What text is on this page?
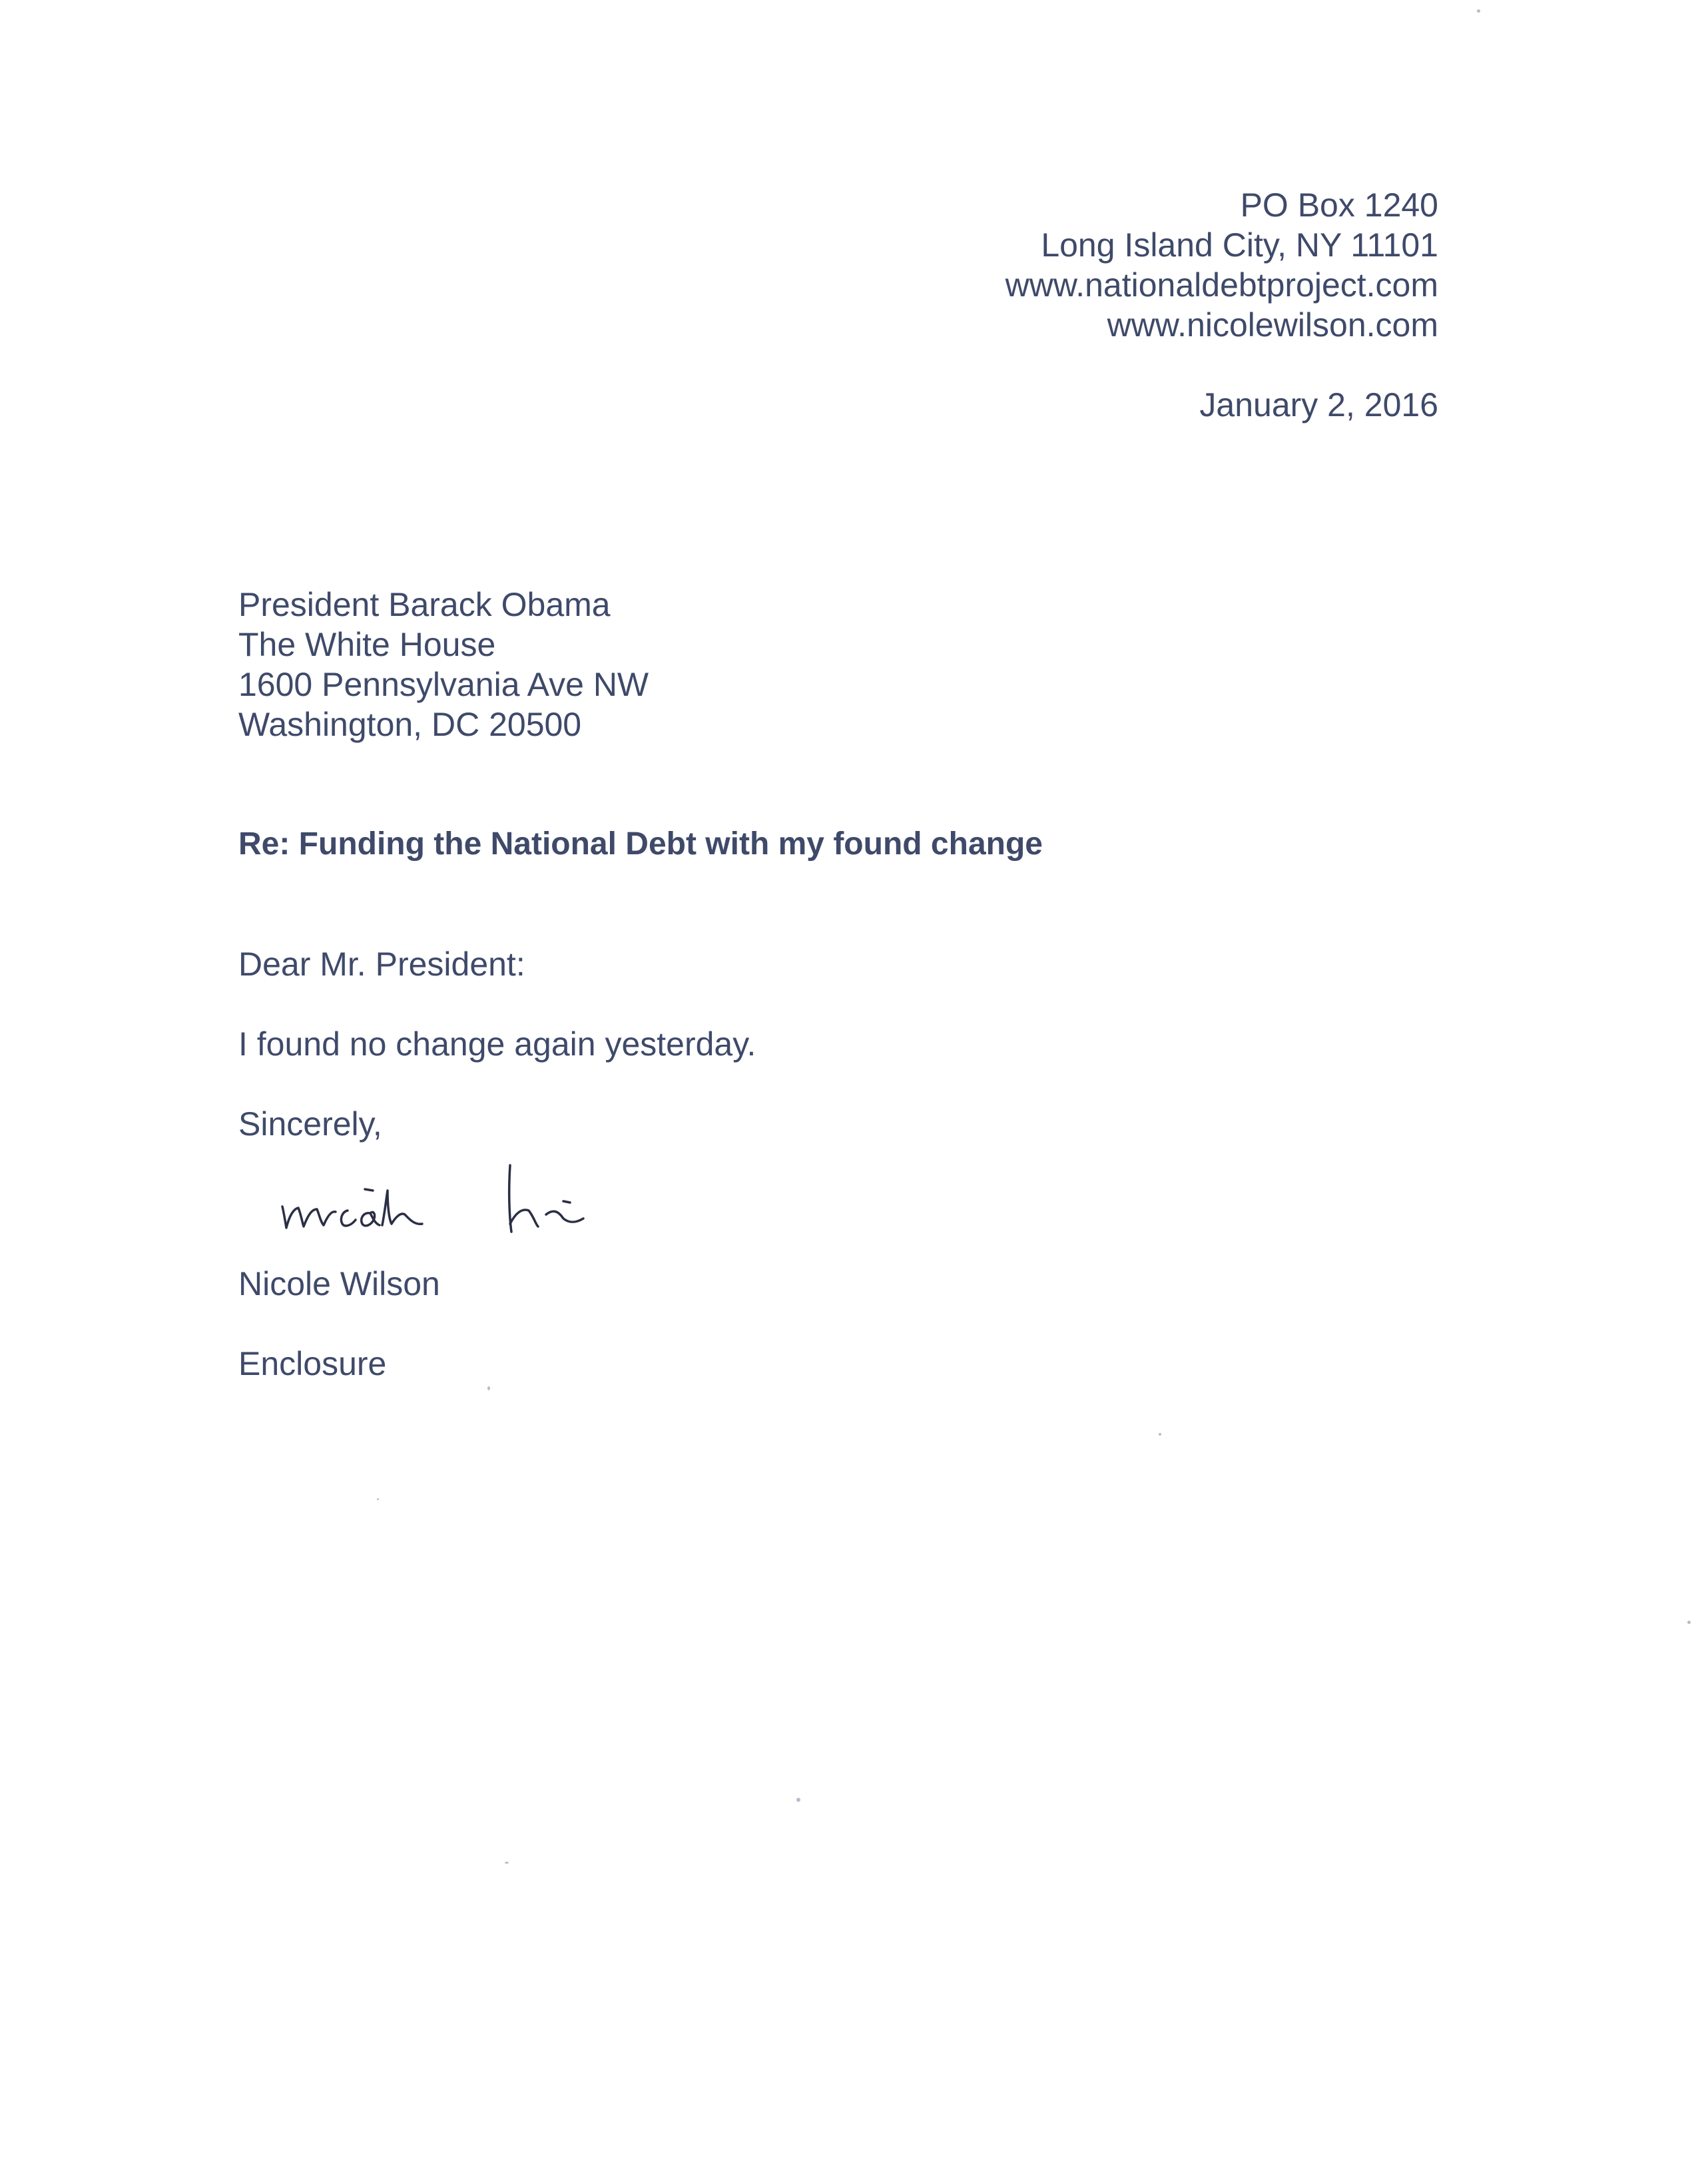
PO Box 1240
Long Island City, NY 11101
www.nationaldebtproject.com
www.nicolewilson.com
January 2, 2016
President Barack Obama
The White House
1600 Pennsylvania Ave NW
Washington, DC 20500
Re: Funding the National Debt with my found change
Dear Mr. President:
I found no change again yesterday.
Sincerely,
Nicole Wilson
Enclosure
